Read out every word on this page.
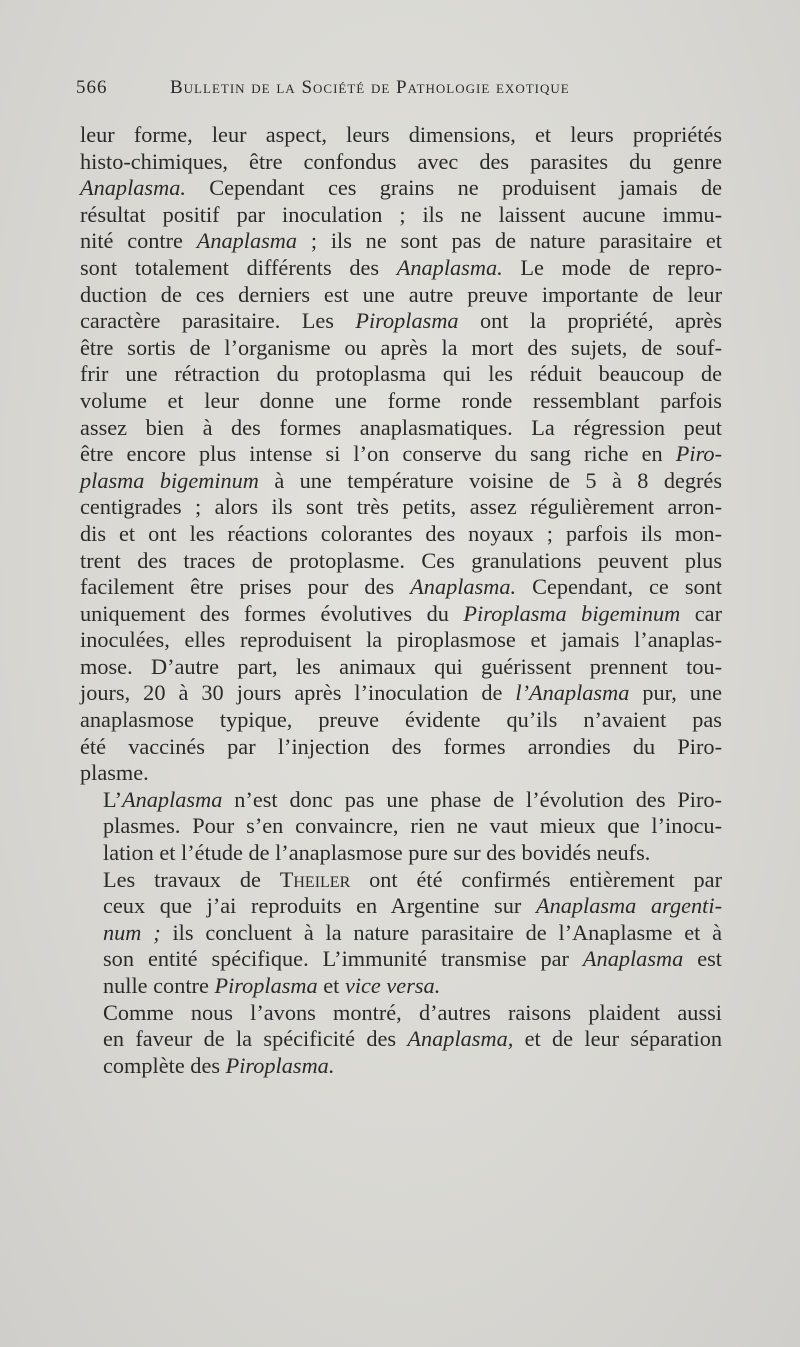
566	Bulletin de la Société de Pathologie exotique
leur forme, leur aspect, leurs dimensions, et leurs propriétés
histo-chimiques, être confondus avec des parasites du genre
Anaplasma. Cependant ces grains ne produisent jamais de
résultat positif par inoculation ; ils ne laissent aucune immu-
nité contre Anaplasma ; ils ne sont pas de nature parasitaire et
sont totalement différents des Anaplasma. Le mode de repro-
duction de ces derniers est une autre preuve importante de leur
caractère parasitaire. Les Piroplasma ont la propriété, après
être sortis de l’organisme ou après la mort des sujets, de souf-
frir une rétraction du protoplasma qui les réduit beaucoup de
volume et leur donne une forme ronde ressemblant parfois
assez bien à des formes anaplasmatiques. La régression peut
être encore plus intense si l’on conserve du sang riche en Piro-
plasma bigeminum à une température voisine de 5 à 8 degrés
centigrades ; alors ils sont très petits, assez régulièrement arron-
dis et ont les réactions colorantes des noyaux ; parfois ils mon-
trent des traces de protoplasme. Ces granulations peuvent plus
facilement être prises pour des Anaplasma. Cependant, ce sont
uniquement des formes évolutives du Piroplasma bigeminum car
inoculées, elles reproduisent la piroplasmose et jamais l’anaplas-
mose. D’autre part, les animaux qui guérissent prennent tou-
jours, 20 à 30 jours après l’inoculation de l’Anaplasma pur, une
anaplasmose typique, preuve évidente qu’ils n’avaient pas
été vaccinés par l’injection des formes arrondies du Piro-
plasme.
L’Anaplasma n’est donc pas une phase de l’évolution des Piro-
plasmes. Pour s’en convaincre, rien ne vaut mieux que l’inocu-
lation et l’étude de l’anaplasmose pure sur des bovidés neufs.
Les travaux de Theiler ont été confirmés entièrement par
ceux que j’ai reproduits en Argentine sur Anaplasma argenti-
num ; ils concluent à la nature parasitaire de l’Anaplasme et à
son entité spécifique. L’immunité transmise par Anaplasma est
nulle contre Piroplasma et vice versa.
Comme nous l’avons montré, d’autres raisons plaident aussi
en faveur de la spécificité des Anaplasma, et de leur séparation
complète des Piroplasma.
